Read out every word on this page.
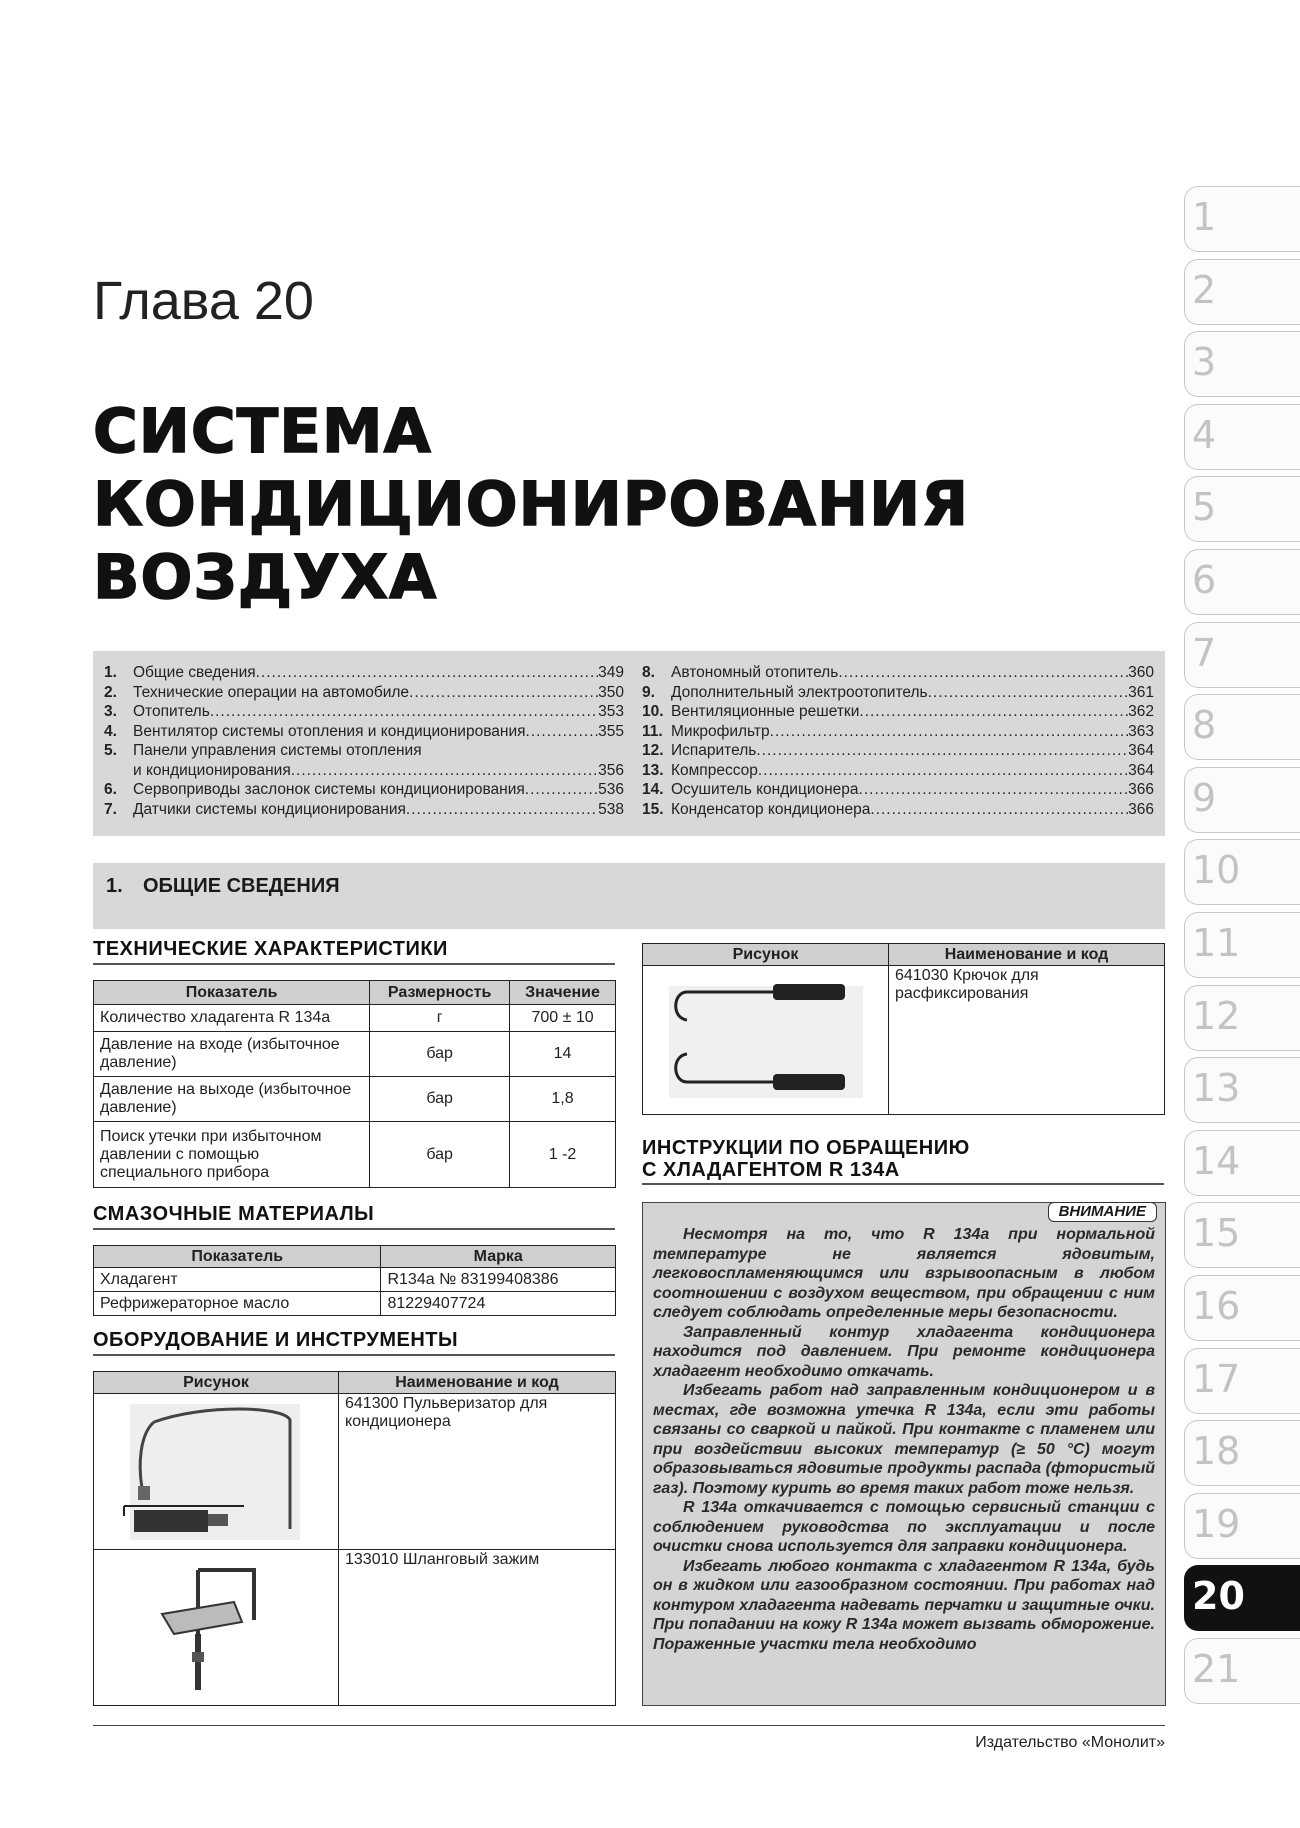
Глава 20
СИСТЕМА
КОНДИЦИОНИРОВАНИЯ
ВОЗДУХА
1.	Общие сведения .....	349
2.	Технические операции на автомобиле .....	350
3.	Отопитель .....	353
4.	Вентилятор системы отопления и кондиционирования .....	355
5.	Панели управления системы отопления
и кондиционирования .....	356
6.	Сервоприводы заслонок системы кондиционирования .....	536
7.	Датчики системы кондиционирования .....	538
8.	Автономный отопитель .....	360
9.	Дополнительный электроотопитель .....	361
10. Вентиляционные решетки .....	362
11. Микрофильтр .....	363
12. Испаритель .....	364
13. Компрессор .....	364
14. Осушитель кондиционера .....	366
15. Конденсатор кондиционера .....	366
1. ОБЩИЕ СВЕДЕНИЯ
ТЕХНИЧЕСКИЕ ХАРАКТЕРИСТИКИ
Показатель	Размерность	Значение
Количество хладагента R 134a	г	700 ± 10
Давление на входе (избыточное давление)	бар	14
Давление на выходе (избыточное давление)	бар	1,8
Поиск утечки при избыточном давлении с помощью специального прибора	бар	1 -2
СМАЗОЧНЫЕ МАТЕРИАЛЫ
Показатель	Марка
Хладагент	R134a № 83199408386
Рефрижераторное масло	81229407724
ОБОРУДОВАНИЕ И ИНСТРУМЕНТЫ
Рисунок	Наименование и код

	641300 Пульверизатор для кондиционера

	133010 Шланговый зажим
Рисунок	Наименование и код

	641030 Крючок для расфиксирования
ИНСТРУКЦИИ ПО ОБРАЩЕНИЮ
С ХЛАДАГЕНТОМ R 134A
ВНИМАНИЕ

Несмотря на то, что R 134a при нормальной температуре не является ядовитым, легковоспламеняющимся или взрывоопасным в любом соотношении с воздухом веществом, при обращении с ним следует соблюдать определенные меры безопасности.

Заправленный контур хладагента кондиционера находится под давлением. При ремонте кондиционера хладагент необходимо откачать.

Избегать работ над заправленным кондиционером и в местах, где возможна утечка R 134a, если эти работы связаны со сваркой и пайкой. При контакте с пламенем или при воздействии высоких температур (≥ 50 °C) могут образовываться ядовитые продукты распада (фтористый газ). Поэтому курить во время таких работ тоже нельзя.

R 134a откачивается с помощью сервисный станции с соблюдением руководства по эксплуатации и после очистки снова используется для заправки кондиционера.

Избегать любого контакта с хладагентом R 134a, будь он в жидком или газообразном состоянии. При работах над контуром хладагента надевать перчатки и защитные очки. При попадании на кожу R 134a может вызвать обморожение. Пораженные участки тела необходимо

1
2
3
4
5
6
7
8
9
10
11
12
13
14
15
16
17
18
19
20
21
Издательство «Монолит»
